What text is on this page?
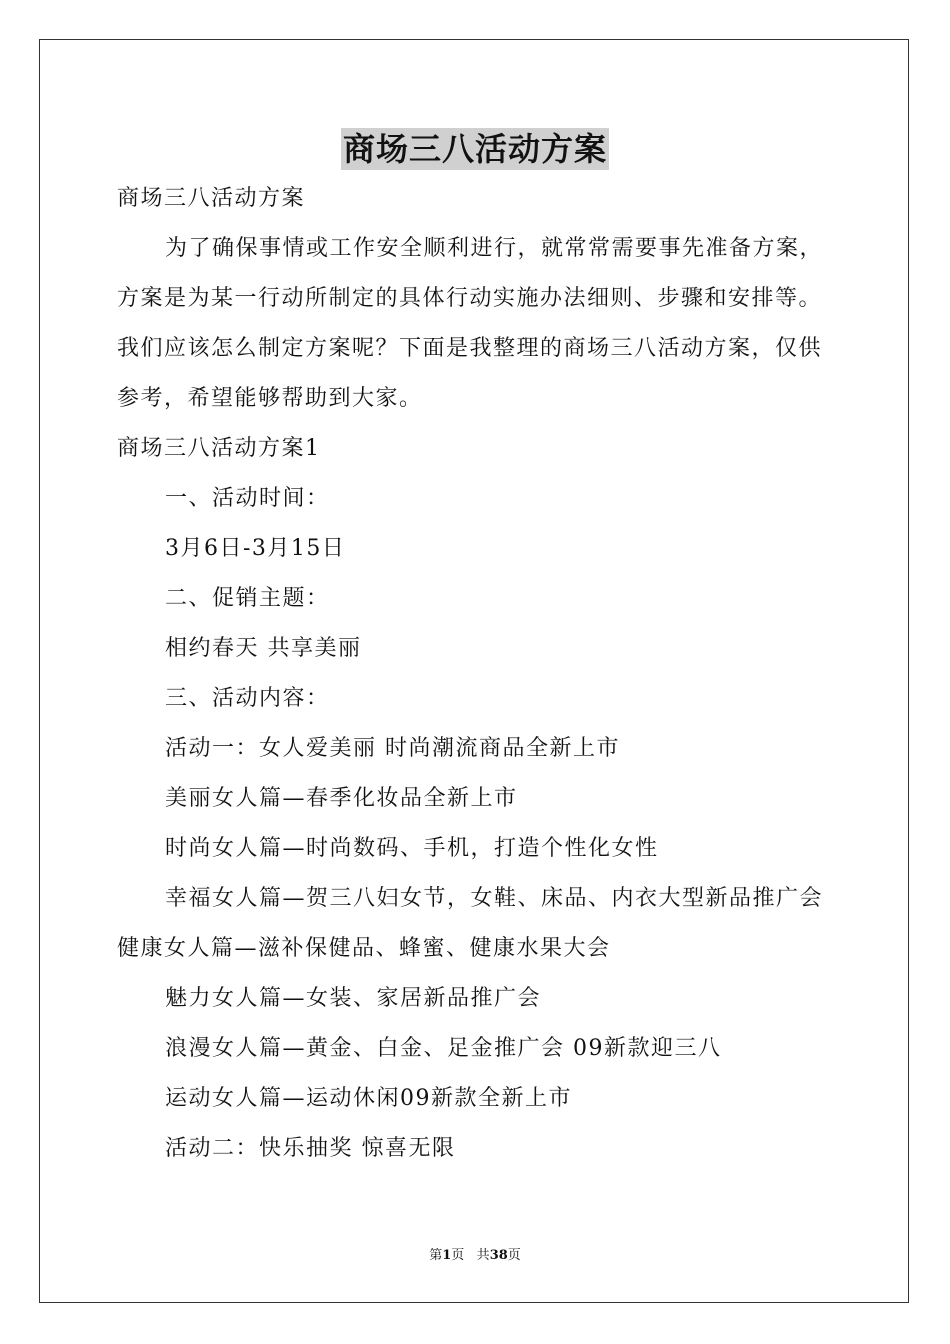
商场三八活动方案
商场三八活动方案
为了确保事情或工作安全顺利进行，就常常需要事先准备方案，
方案是为某一行动所制定的具体行动实施办法细则、步骤和安排等。
我们应该怎么制定方案呢？下面是我整理的商场三八活动方案，仅供
参考，希望能够帮助到大家。
商场三八活动方案1
一、活动时间：
3月6日-3月15日
二、促销主题：
相约春天 共享美丽
三、活动内容：
活动一：女人爱美丽 时尚潮流商品全新上市
美丽女人篇—春季化妆品全新上市
时尚女人篇—时尚数码、手机，打造个性化女性
幸福女人篇—贺三八妇女节，女鞋、床品、内衣大型新品推广会
健康女人篇—滋补保健品、蜂蜜、健康水果大会
魅力女人篇—女装、家居新品推广会
浪漫女人篇—黄金、白金、足金推广会 09新款迎三八
运动女人篇—运动休闲09新款全新上市
活动二：快乐抽奖 惊喜无限
第1页 共38页
